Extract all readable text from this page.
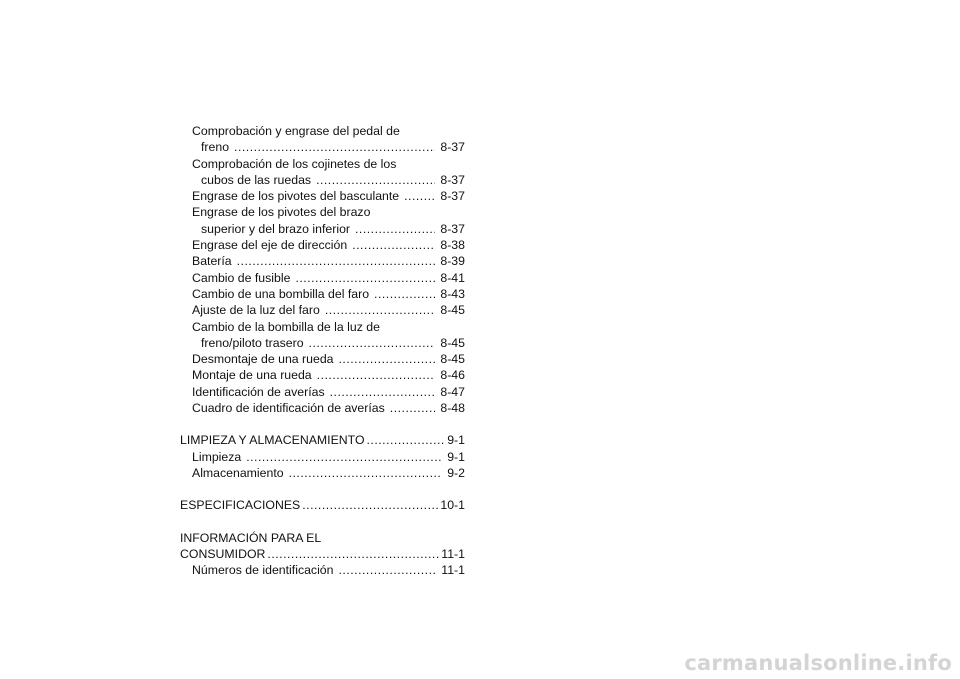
Comprobación y engrase del pedal de
freno .....	8-37
Comprobación de los cojinetes de los
cubos de las ruedas .....	8-37
Engrase de los pivotes del basculante .....	8-37
Engrase de los pivotes del brazo
superior y del brazo inferior .....	8-37
Engrase del eje de dirección .....	8-38
Batería .....	8-39
Cambio de fusible .....	8-41
Cambio de una bombilla del faro .....	8-43
Ajuste de la luz del faro .....	8-45
Cambio de la bombilla de la luz de
freno/piloto trasero .....	8-45
Desmontaje de una rueda .....	8-45
Montaje de una rueda .....	8-46
Identificación de averías .....	8-47
Cuadro de identificación de averías .....	8-48
LIMPIEZA Y ALMACENAMIENTO .....	9-1
Limpieza .....	9-1
Almacenamiento .....	9-2
ESPECIFICACIONES .....	10-1
INFORMACIÓN PARA EL
CONSUMIDOR .....	11-1
Números de identificación .....	11-1
carmanualsonline.info
